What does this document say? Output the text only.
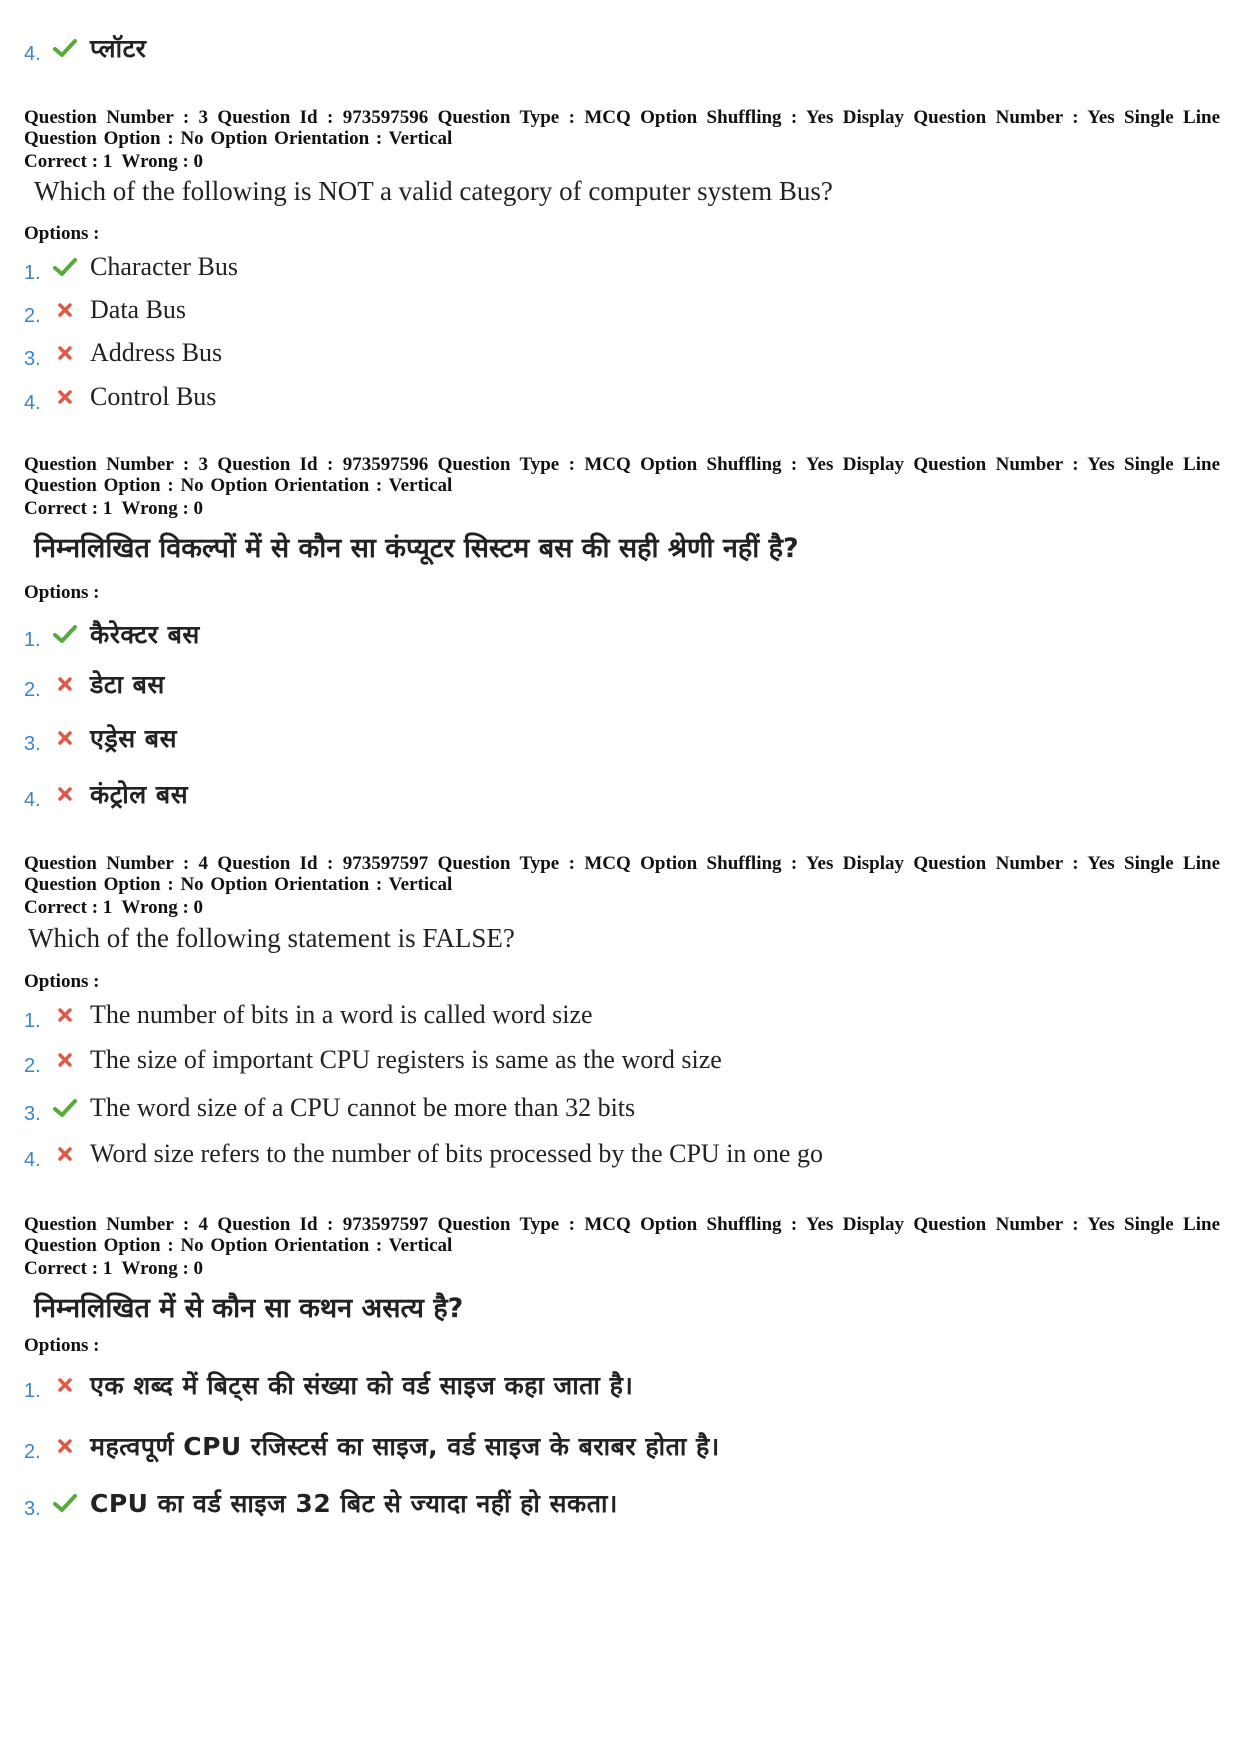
4. प्लॉटर
Question Number : 3 Question Id : 973597596 Question Type : MCQ Option Shuffling : Yes Display Question Number : Yes Single Line Question Option : No Option Orientation : Vertical
Correct : 1  Wrong : 0
Which of the following is NOT a valid category of computer system Bus?
Options :
1. Character Bus
2. Data Bus
3. Address Bus
4. Control Bus
Question Number : 3 Question Id : 973597596 Question Type : MCQ Option Shuffling : Yes Display Question Number : Yes Single Line Question Option : No Option Orientation : Vertical
Correct : 1  Wrong : 0
निम्नलिखित विकल्पों में से कौन सा कंप्यूटर सिस्टम बस की सही श्रेणी नहीं है?
Options :
1. कैरेक्टर बस
2. डेटा बस
3. एड्रेस बस
4. कंट्रोल बस
Question Number : 4 Question Id : 973597597 Question Type : MCQ Option Shuffling : Yes Display Question Number : Yes Single Line Question Option : No Option Orientation : Vertical
Correct : 1  Wrong : 0
Which of the following statement is FALSE?
Options :
1. The number of bits in a word is called word size
2. The size of important CPU registers is same as the word size
3. The word size of a CPU cannot be more than 32 bits
4. Word size refers to the number of bits processed by the CPU in one go
Question Number : 4 Question Id : 973597597 Question Type : MCQ Option Shuffling : Yes Display Question Number : Yes Single Line Question Option : No Option Orientation : Vertical
Correct : 1  Wrong : 0
निम्नलिखित में से कौन सा कथन असत्य है?
Options :
1. एक शब्द में बिट्स की संख्या को वर्ड साइज कहा जाता है।
2. महत्वपूर्ण CPU रजिस्टर्स का साइज, वर्ड साइज के बराबर होता है।
3. CPU का वर्ड साइज 32 बिट से ज्यादा नहीं हो सकता।
